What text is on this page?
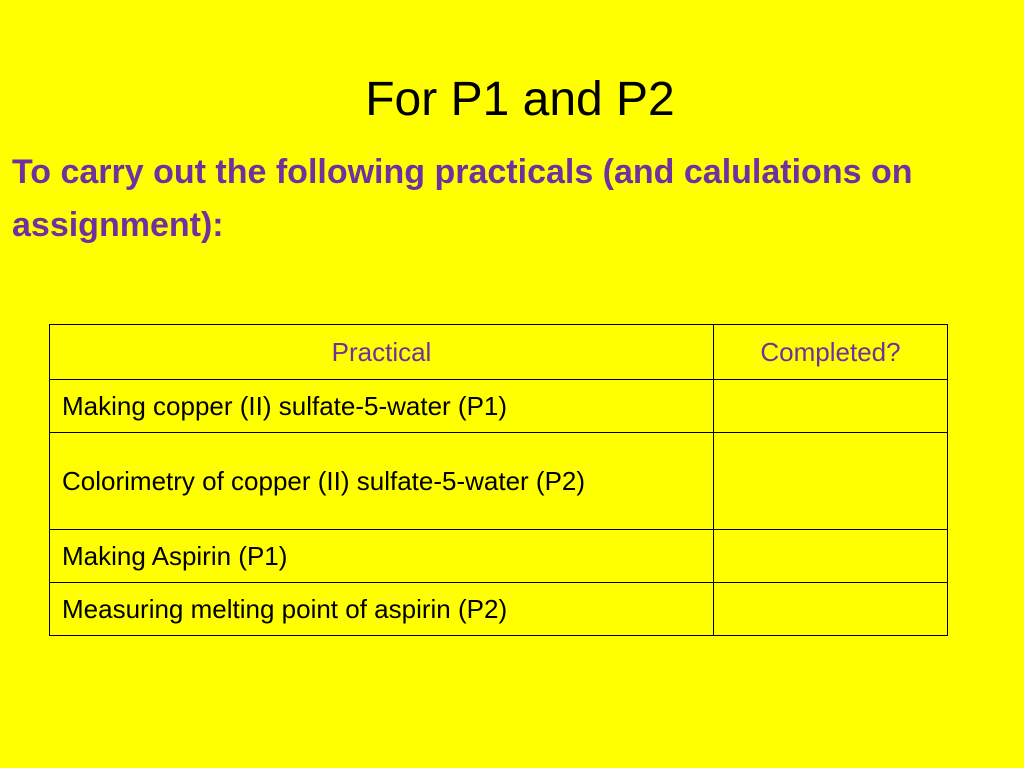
For P1 and P2

To carry out the following practicals (and calulations on assignment):

Practical	Completed?
Making copper (II) sulfate-5-water (P1)	
Colorimetry of copper (II) sulfate-5-water (P2)	
Making Aspirin (P1)	
Measuring melting point of aspirin (P2)	
